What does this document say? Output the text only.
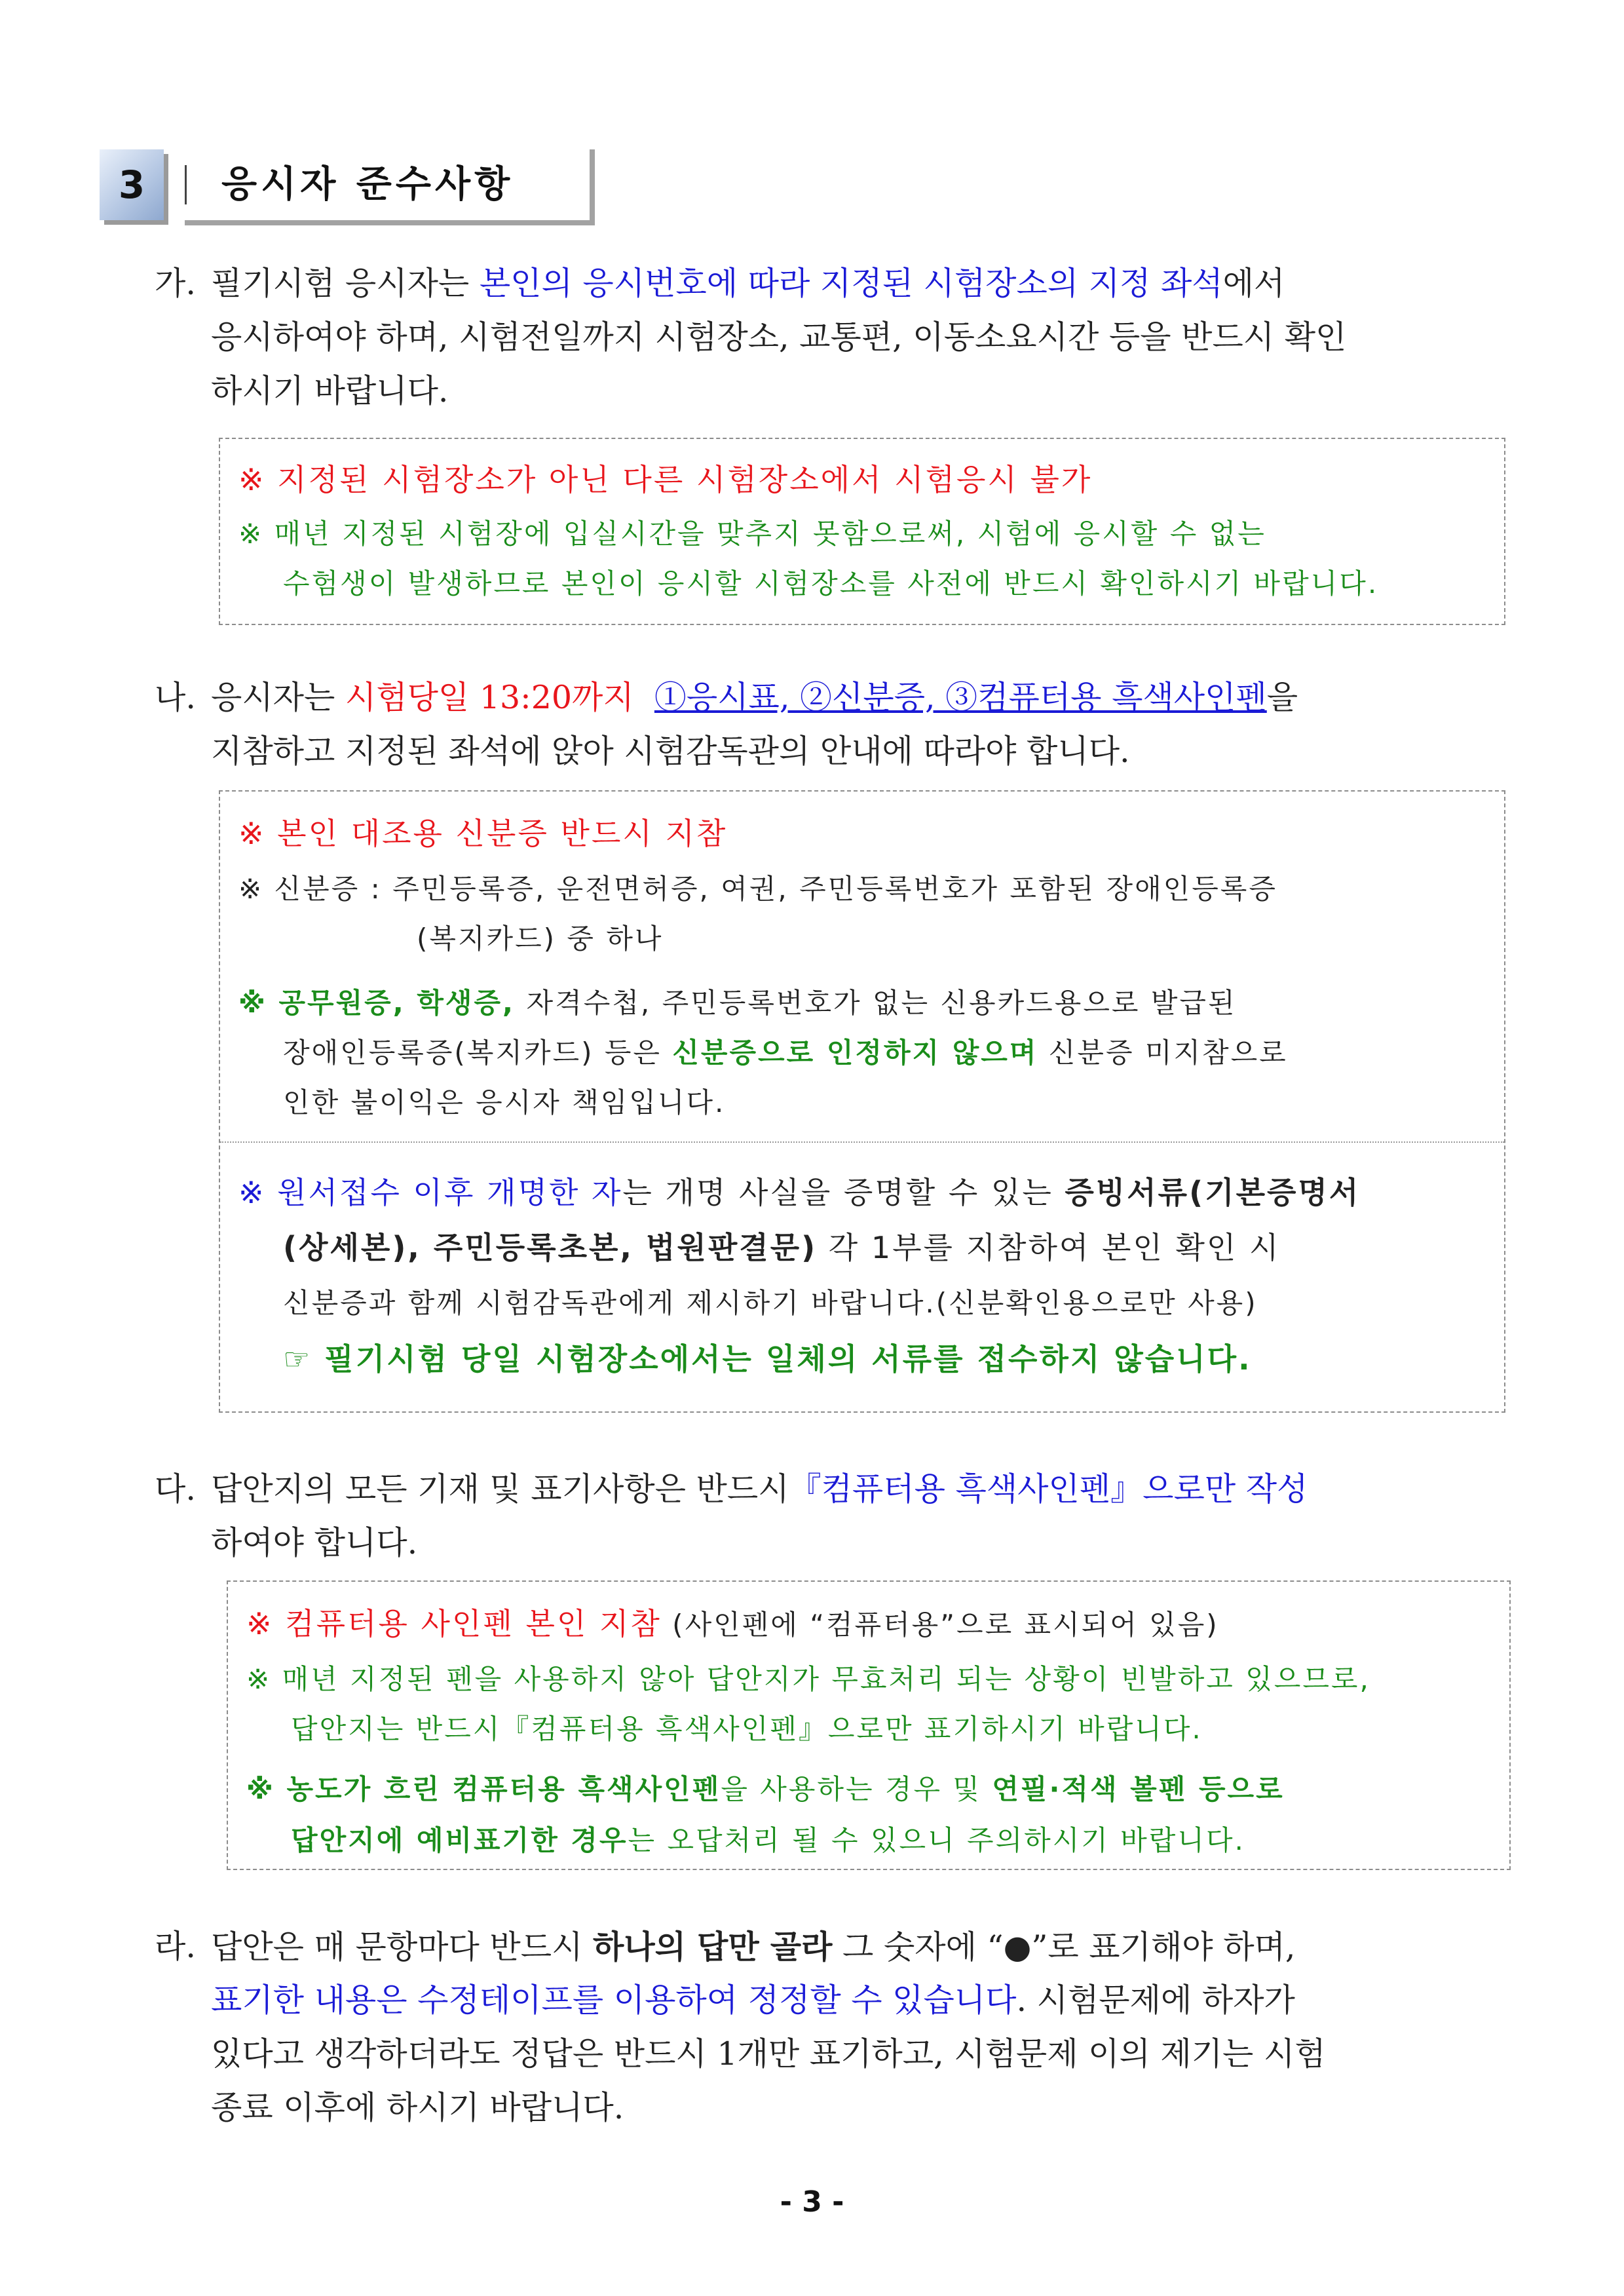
3	응시자 준수사항
가. 필기시험 응시자는 본인의 응시번호에 따라 지정된 시험장소의 지정 좌석에서
응시하여야 하며, 시험전일까지 시험장소, 교통편, 이동소요시간 등을 반드시 확인
하시기 바랍니다.
※ 지정된 시험장소가 아닌 다른 시험장소에서 시험응시 불가
※ 매년 지정된 시험장에 입실시간을 맞추지 못함으로써, 시험에 응시할 수 없는
수험생이 발생하므로 본인이 응시할 시험장소를 사전에 반드시 확인하시기 바랍니다.
나. 응시자는 시험당일 13:20까지 ①응시표, ②신분증, ③컴퓨터용 흑색사인펜을
지참하고 지정된 좌석에 앉아 시험감독관의 안내에 따라야 합니다.
※ 본인 대조용 신분증 반드시 지참
※ 신분증 : 주민등록증, 운전면허증, 여권, 주민등록번호가 포함된 장애인등록증
(복지카드) 중 하나
※ 공무원증, 학생증, 자격수첩, 주민등록번호가 없는 신용카드용으로 발급된
장애인등록증(복지카드) 등은 신분증으로 인정하지 않으며 신분증 미지참으로
인한 불이익은 응시자 책임입니다.
※ 원서접수 이후 개명한 자는 개명 사실을 증명할 수 있는 증빙서류(기본증명서
(상세본), 주민등록초본, 법원판결문) 각 1부를 지참하여 본인 확인 시
신분증과 함께 시험감독관에게 제시하기 바랍니다.(신분확인용으로만 사용)
☞ 필기시험 당일 시험장소에서는 일체의 서류를 접수하지 않습니다.
다. 답안지의 모든 기재 및 표기사항은 반드시『컴퓨터용 흑색사인펜』으로만 작성
하여야 합니다.
※ 컴퓨터용 사인펜 본인 지참 (사인펜에 “컴퓨터용”으로 표시되어 있음)
※ 매년 지정된 펜을 사용하지 않아 답안지가 무효처리 되는 상황이 빈발하고 있으므로,
답안지는 반드시『컴퓨터용 흑색사인펜』으로만 표기하시기 바랍니다.
※ 농도가 흐린 컴퓨터용 흑색사인펜을 사용하는 경우 및 연필·적색 볼펜 등으로
답안지에 예비표기한 경우는 오답처리 될 수 있으니 주의하시기 바랍니다.
라. 답안은 매 문항마다 반드시 하나의 답만 골라 그 숫자에 “●”로 표기해야 하며,
표기한 내용은 수정테이프를 이용하여 정정할 수 있습니다. 시험문제에 하자가
있다고 생각하더라도 정답은 반드시 1개만 표기하고, 시험문제 이의 제기는 시험
종료 이후에 하시기 바랍니다.
- 3 -
